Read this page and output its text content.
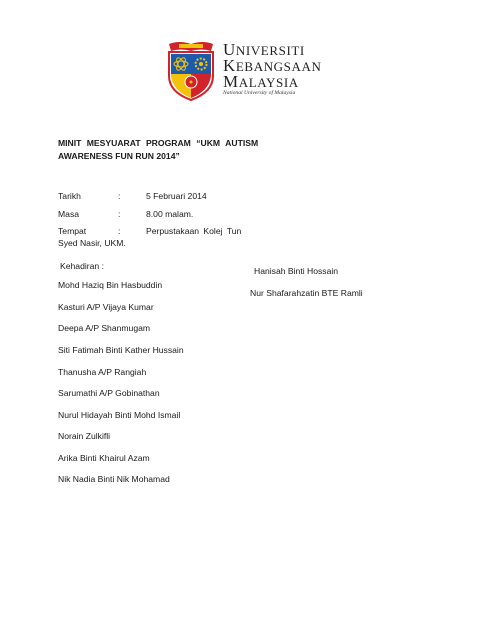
UNIVERSITI
KEBANGSAAN
MALAYSIA
National University of Malaysia
MINIT MESYUARAT PROGRAM “UKM AUTISM
AWARENESS FUN RUN 2014”
Tarikh	:	5 Februari 2014
Masa	:	8.00 malam.
Tempat	:	Perpustakaan Kolej Tun
Syed Nasir, UKM.
Kehadiran :
Mohd Haziq Bin Hasbuddin
Kasturi A/P Vijaya Kumar
Deepa A/P Shanmugam
Siti Fatimah Binti Kather Hussain
Thanusha A/P Rangiah
Sarumathi A/P Gobinathan
Nurul Hidayah Binti Mohd Ismail
Norain Zulkifli
Arika Binti Khairul Azam
Nik Nadia Binti Nik Mohamad
Hanisah Binti Hossain
Nur Shafarahzatin BTE Ramli
